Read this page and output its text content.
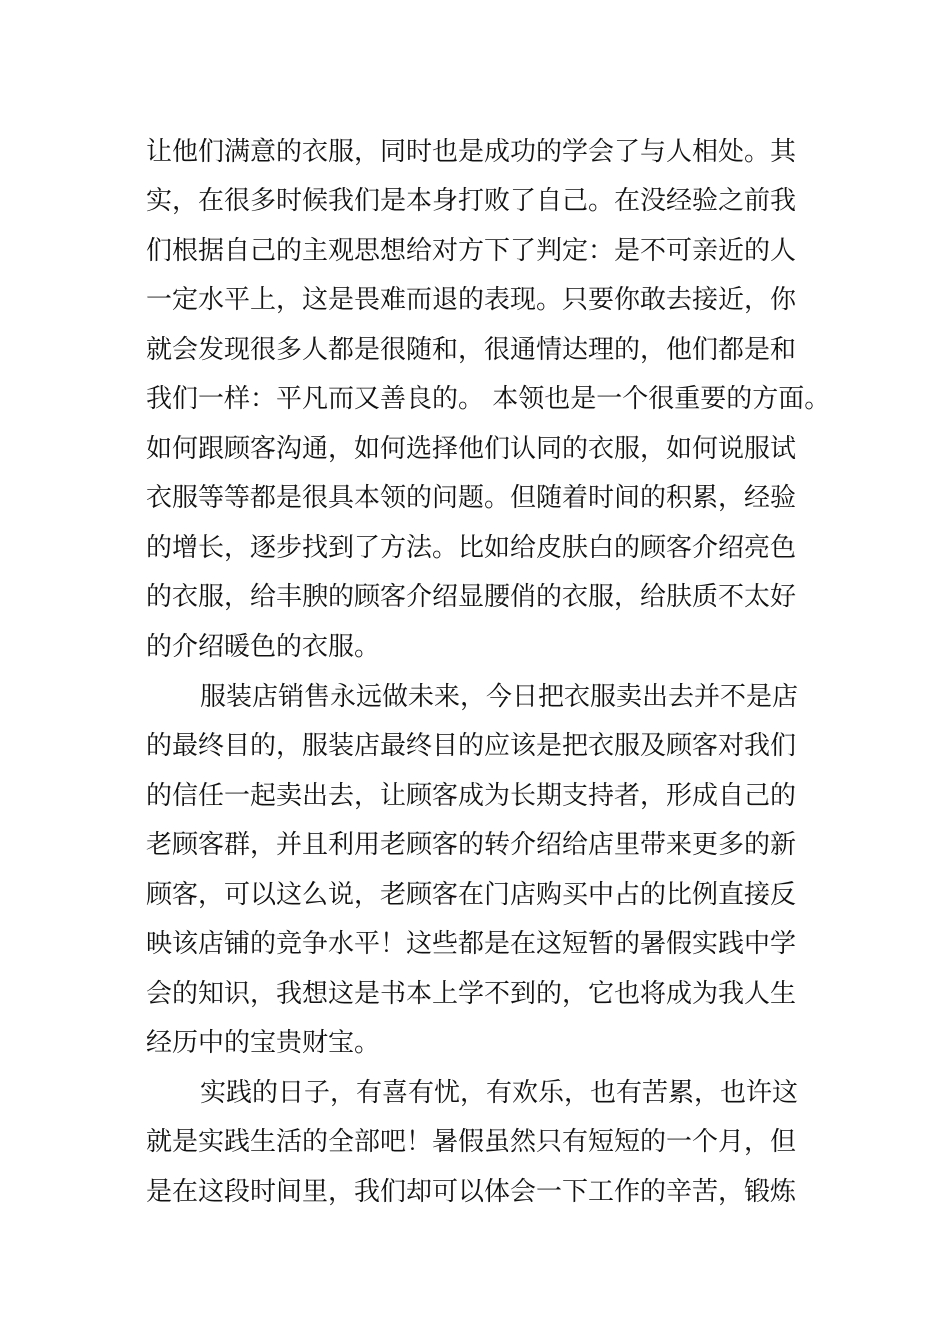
让他们满意的衣服，同时也是成功的学会了与人相处。其
实，在很多时候我们是本身打败了自己。在没经验之前我
们根据自己的主观思想给对方下了判定：是不可亲近的人
一定水平上，这是畏难而退的表现。只要你敢去接近，你
就会发现很多人都是很随和，很通情达理的，他们都是和
我们一样：平凡而又善良的。 本领也是一个很重要的方面。
如何跟顾客沟通，如何选择他们认同的衣服，如何说服试
衣服等等都是很具本领的问题。但随着时间的积累，经验
的增长，逐步找到了方法。比如给皮肤白的顾客介绍亮色
的衣服，给丰腴的顾客介绍显腰俏的衣服，给肤质不太好
的介绍暖色的衣服。
服装店销售永远做未来，今日把衣服卖出去并不是店
的最终目的，服装店最终目的应该是把衣服及顾客对我们
的信任一起卖出去，让顾客成为长期支持者，形成自己的
老顾客群，并且利用老顾客的转介绍给店里带来更多的新
顾客，可以这么说，老顾客在门店购买中占的比例直接反
映该店铺的竞争水平！这些都是在这短暂的暑假实践中学
会的知识，我想这是书本上学不到的，它也将成为我人生
经历中的宝贵财宝。
实践的日子，有喜有忧，有欢乐，也有苦累，也许这
就是实践生活的全部吧！暑假虽然只有短短的一个月，但
是在这段时间里，我们却可以体会一下工作的辛苦，锻炼
